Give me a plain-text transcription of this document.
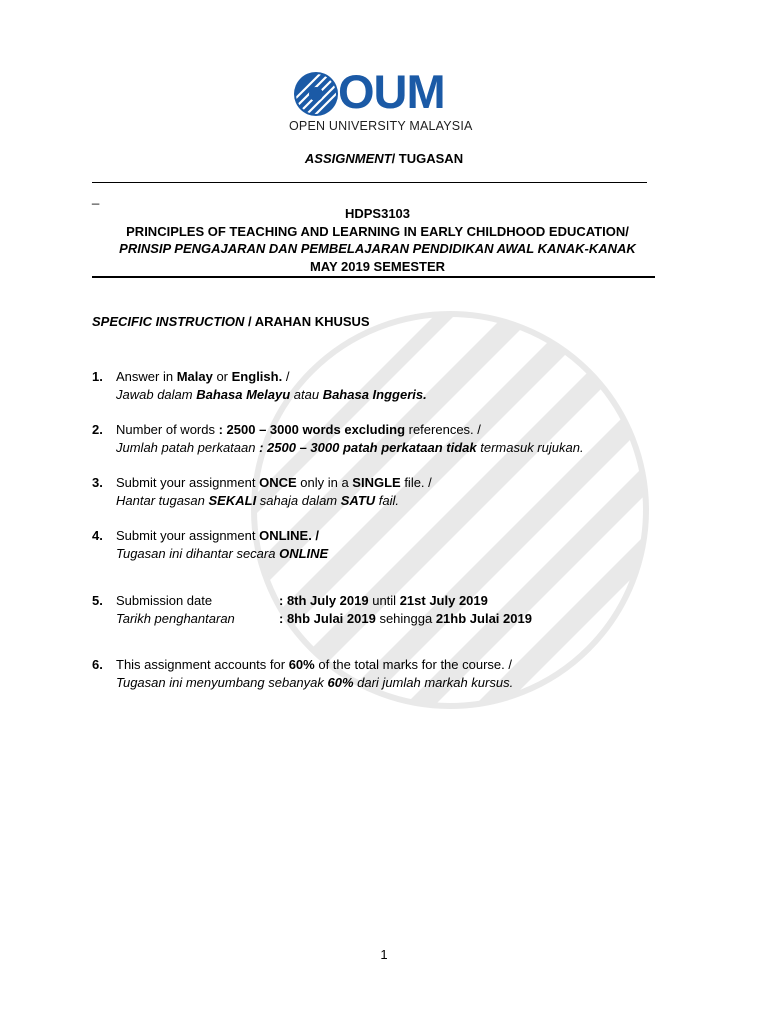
OUM
OPEN UNIVERSITY MALAYSIA
ASSIGNMENT/ TUGASAN
_
HDPS3103
PRINCIPLES OF TEACHING AND LEARNING IN EARLY CHILDHOOD EDUCATION/
PRINSIP PENGAJARAN DAN PEMBELAJARAN PENDIDIKAN AWAL KANAK-KANAK
MAY 2019 SEMESTER
SPECIFIC INSTRUCTION / ARAHAN KHUSUS
1. Answer in Malay or English. /
Jawab dalam Bahasa Melayu atau Bahasa Inggeris.
2. Number of words : 2500 – 3000 words excluding references. /
Jumlah patah perkataan : 2500 – 3000 patah perkataan tidak termasuk rujukan.
3. Submit your assignment ONCE only in a SINGLE file. /
Hantar tugasan SEKALI sahaja dalam SATU fail.
4. Submit your assignment ONLINE. /
Tugasan ini dihantar secara ONLINE
5. Submission date	: 8th July 2019 until 21st July 2019
Tarikh penghantaran	: 8hb Julai 2019 sehingga 21hb Julai 2019
6. This assignment accounts for 60% of the total marks for the course. /
Tugasan ini menyumbang sebanyak 60% dari jumlah markah kursus.
1
